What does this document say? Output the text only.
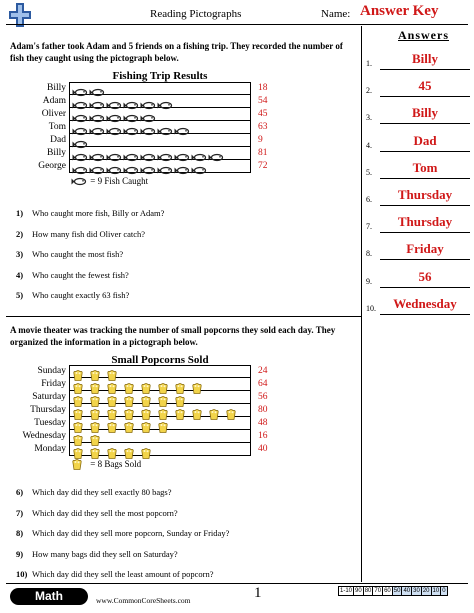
Reading Pictographs	Name: Answer Key
Answers
1.	Billy
2.	45
3.	Billy
4.	Dad
5.	Tom
6.	Thursday
7.	Thursday
8.	Friday
9.	56
10.	Wednesday
Adam's father took Adam and 5 friends on a fishing trip. They recorded the number of fish they caught using the pictograph below.
Fishing Trip Results
Billy	18
Adam	54
Oliver	45
Tom	63
Dad	9
Billy	81
George	72
= 9 Fish Caught
1) Who caught more fish, Billy or Adam?
2) How many fish did Oliver catch?
3) Who caught the most fish?
4) Who caught the fewest fish?
5) Who caught exactly 63 fish?
A movie theater was tracking the number of small popcorns they sold each day. They organized the information in a pictograph below.
Small Popcorns Sold
Sunday	24
Friday	64
Saturday	56
Thursday	80
Tuesday	48
Wednesday	16
Monday	40
= 8 Bags Sold
6) Which day did they sell exactly 80 bags?
7) Which day did they sell the most popcorn?
8) Which day did they sell more popcorn, Sunday or Friday?
9) How many bags did they sell on Saturday?
10) Which day did they sell the least amount of popcorn?
Math	www.CommonCoreSheets.com	1	1-10	90	80	70	60	50	40	30	20	10	0
